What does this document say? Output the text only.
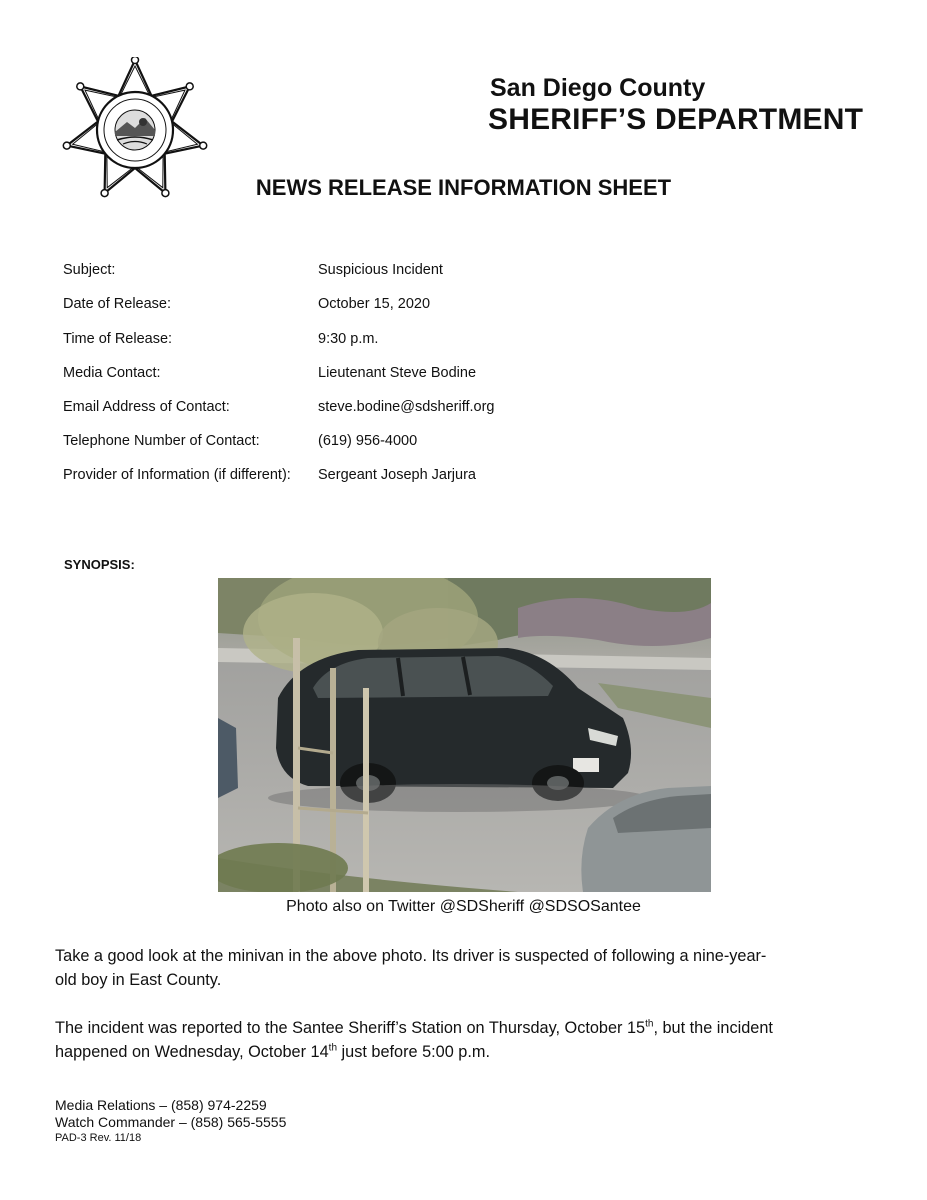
San Diego County
SHERIFF’S DEPARTMENT
NEWS RELEASE INFORMATION SHEET
Subject:	Suspicious Incident
Date of Release:	October 15, 2020
Time of Release:	9:30 p.m.
Media Contact:	Lieutenant Steve Bodine
Email Address of Contact:	steve.bodine@sdsheriff.org
Telephone Number of Contact:	(619) 956-4000
Provider of Information (if different): Sergeant Joseph Jarjura
SYNOPSIS:
Photo also on Twitter @SDSheriff @SDSOSantee
Take a good look at the minivan in the above photo. Its driver is suspected of following a nine-year-
old boy in East County.
The incident was reported to the Santee Sheriff’s Station on Thursday, October 15th, but the incident
happened on Wednesday, October 14th just before 5:00 p.m.
Media Relations – (858) 974-2259
Watch Commander – (858) 565-5555
PAD-3 Rev. 11/18
